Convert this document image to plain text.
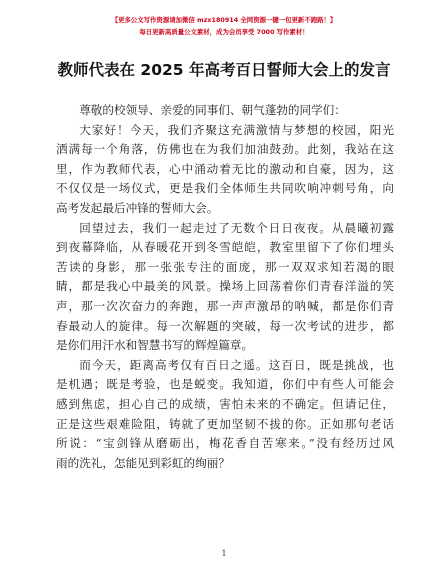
【更多公文写作资源请加微信 mzx180914 全网资源一键一包更新不跑路！】
每日更新高质量公文素材，成为会员享受 7000 写作素材！
教师代表在 2025 年高考百日誓师大会上的发言
尊敬的校领导、亲爱的同事们、朝气蓬勃的同学们：
大家好！今天，我们齐聚这充满激情与梦想的校园，阳光
洒满每一个角落，仿佛也在为我们加油鼓劲。此刻，我站在这
里，作为教师代表，心中涌动着无比的激动和自豪，因为，这
不仅仅是一场仪式，更是我们全体师生共同吹响冲刺号角，向
高考发起最后冲锋的誓师大会。
回望过去，我们一起走过了无数个日日夜夜。从晨曦初露
到夜幕降临，从春暖花开到冬雪皑皑，教室里留下了你们埋头
苦读的身影，那一张张专注的面庞，那一双双求知若渴的眼
睛，都是我心中最美的风景。操场上回荡着你们青春洋溢的笑
声，那一次次奋力的奔跑，那一声声激昂的呐喊，都是你们青
春最动人的旋律。每一次解题的突破，每一次考试的进步，都
是你们用汗水和智慧书写的辉煌篇章。
而今天，距离高考仅有百日之遥。这百日，既是挑战，也
是机遇；既是考验，也是蜕变。我知道，你们中有些人可能会
感到焦虑，担心自己的成绩，害怕未来的不确定。但请记住，
正是这些艰难险阻，铸就了更加坚韧不拔的你。正如那句老话
所说：“宝剑锋从磨砺出，梅花香自苦寒来。”没有经历过风
雨的洗礼，怎能见到彩虹的绚丽？
1
